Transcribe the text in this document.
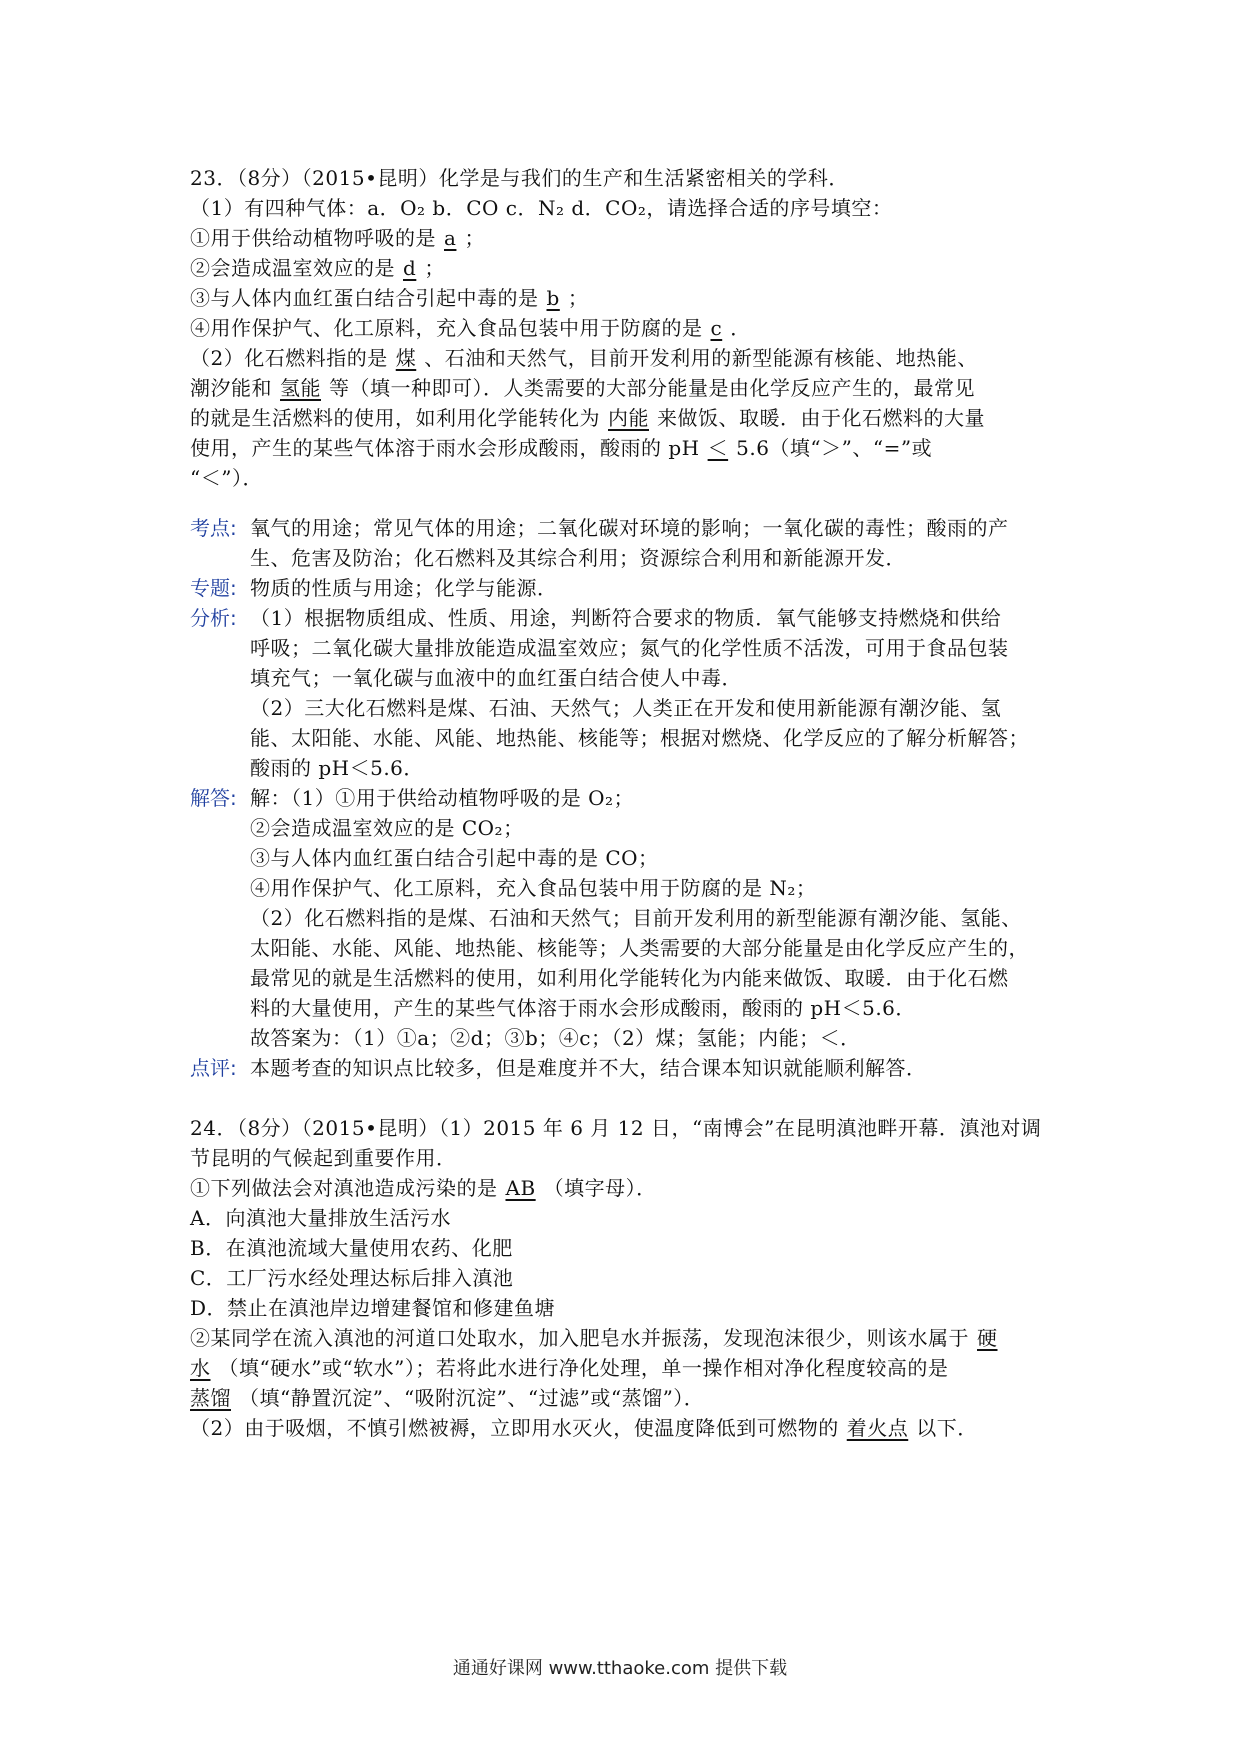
23．（8分）（2015•昆明）化学是与我们的生产和生活紧密相关的学科．
（1）有四种气体：a．O₂ b．CO c．N₂ d．CO₂，请选择合适的序号填空：
①用于供给动植物呼吸的是 a ；
②会造成温室效应的是 d ；
③与人体内血红蛋白结合引起中毒的是 b ；
④用作保护气、化工原料，充入食品包装中用于防腐的是 c ．
（2）化石燃料指的是 煤 、石油和天然气，目前开发利用的新型能源有核能、地热能、
潮汐能和 氢能 等（填一种即可）．人类需要的大部分能量是由化学反应产生的，最常见
的就是生活燃料的使用，如利用化学能转化为 内能 来做饭、取暖．由于化石燃料的大量
使用，产生的某些气体溶于雨水会形成酸雨，酸雨的 pH ＜ 5.6（填“＞”、“=”或
“＜”）．
考点: 氧气的用途；常见气体的用途；二氧化碳对环境的影响；一氧化碳的毒性；酸雨的产
生、危害及防治；化石燃料及其综合利用；资源综合利用和新能源开发．
专题: 物质的性质与用途；化学与能源．
分析: （1）根据物质组成、性质、用途，判断符合要求的物质．氧气能够支持燃烧和供给
呼吸；二氧化碳大量排放能造成温室效应；氮气的化学性质不活泼，可用于食品包装
填充气；一氧化碳与血液中的血红蛋白结合使人中毒．
（2）三大化石燃料是煤、石油、天然气；人类正在开发和使用新能源有潮汐能、氢
能、太阳能、水能、风能、地热能、核能等；根据对燃烧、化学反应的了解分析解答；
酸雨的 pH＜5.6．
解答: 解：（1）①用于供给动植物呼吸的是 O₂；
②会造成温室效应的是 CO₂；
③与人体内血红蛋白结合引起中毒的是 CO；
④用作保护气、化工原料，充入食品包装中用于防腐的是 N₂；
（2）化石燃料指的是煤、石油和天然气；目前开发利用的新型能源有潮汐能、氢能、
太阳能、水能、风能、地热能、核能等；人类需要的大部分能量是由化学反应产生的，
最常见的就是生活燃料的使用，如利用化学能转化为内能来做饭、取暖．由于化石燃
料的大量使用，产生的某些气体溶于雨水会形成酸雨，酸雨的 pH＜5.6．
故答案为：（1）①a；②d；③b；④c；（2）煤；氢能；内能；＜．
点评: 本题考查的知识点比较多，但是难度并不大，结合课本知识就能顺利解答．
24．（8分）（2015•昆明）（1）2015 年 6 月 12 日，“南博会”在昆明滇池畔开幕．滇池对调
节昆明的气候起到重要作用．
①下列做法会对滇池造成污染的是 AB （填字母）．
A．向滇池大量排放生活污水
B．在滇池流域大量使用农药、化肥
C．工厂污水经处理达标后排入滇池
D．禁止在滇池岸边增建餐馆和修建鱼塘
②某同学在流入滇池的河道口处取水，加入肥皂水并振荡，发现泡沫很少，则该水属于 硬
水 （填“硬水”或“软水”）；若将此水进行净化处理，单一操作相对净化程度较高的是
蒸馏 （填“静置沉淀”、“吸附沉淀”、“过滤”或“蒸馏”）．
（2）由于吸烟，不慎引燃被褥，立即用水灭火，使温度降低到可燃物的 着火点 以下．
通通好课网 www.tthaoke.com 提供下载
